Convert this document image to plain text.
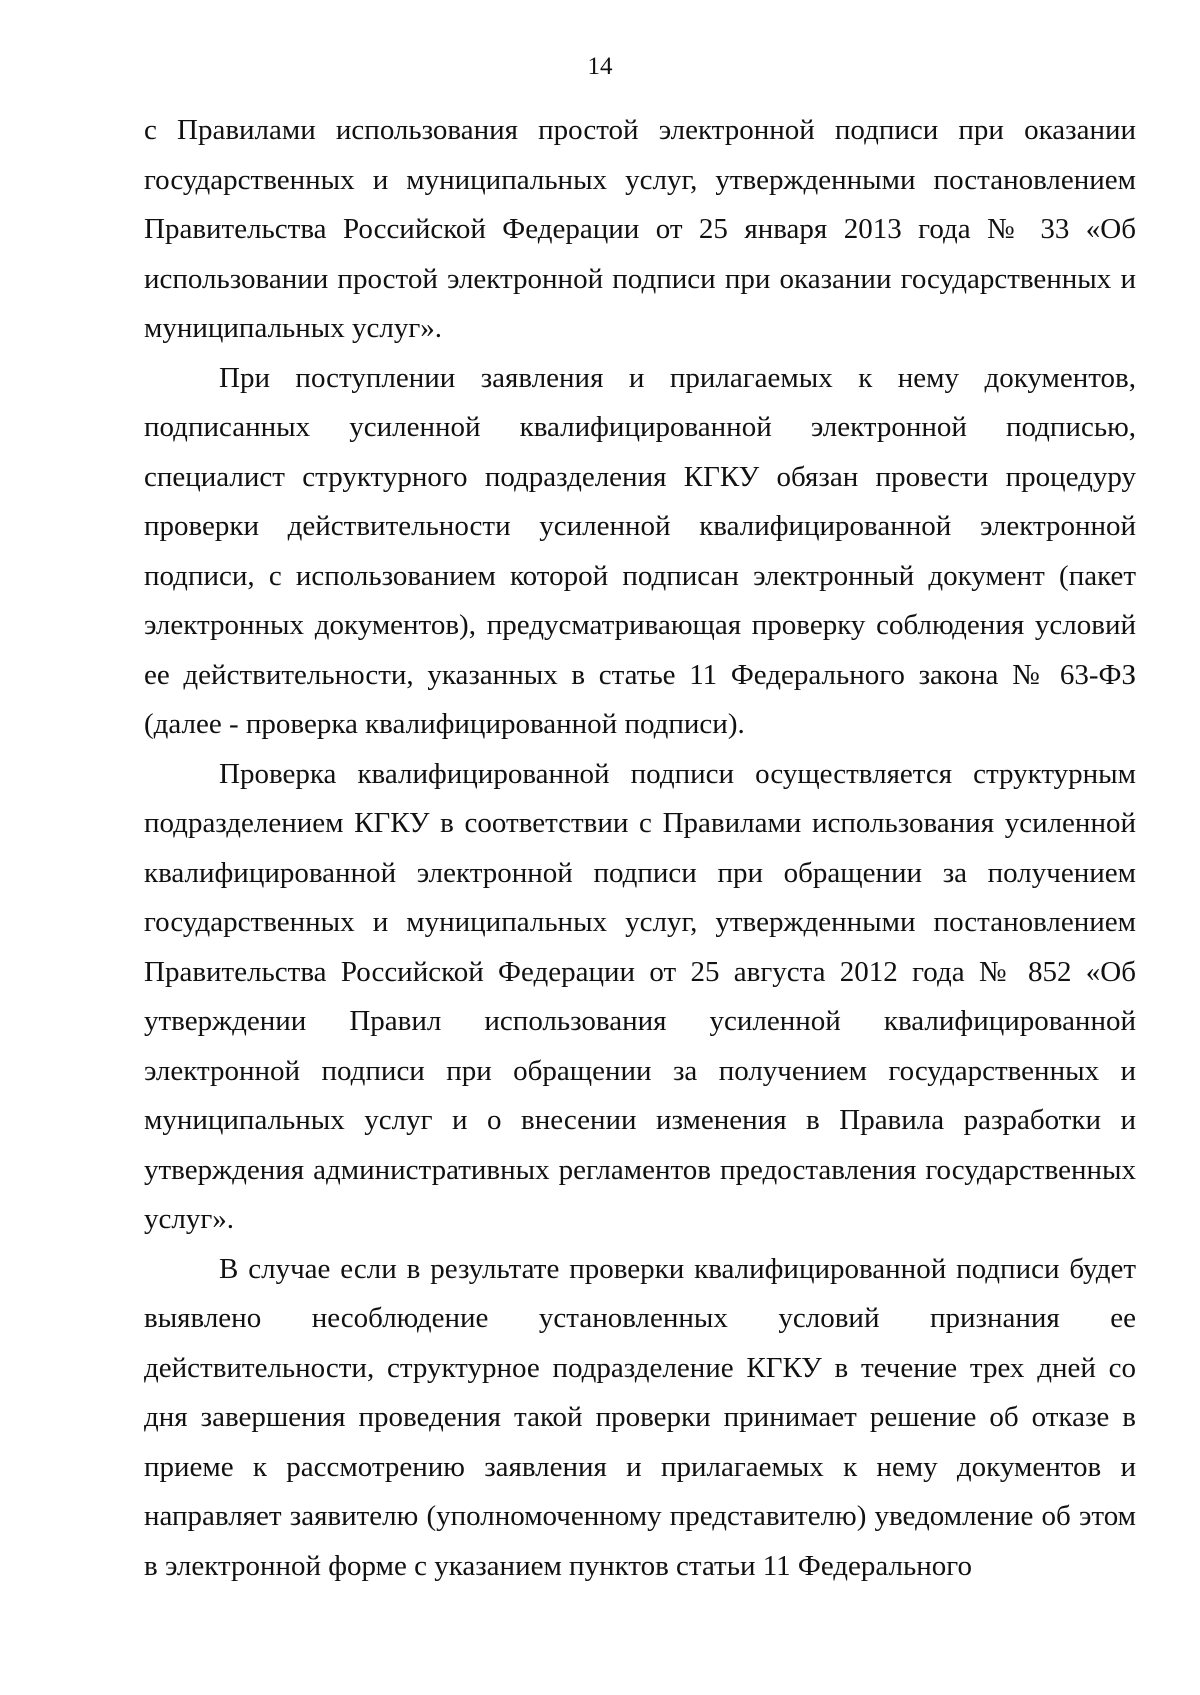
14

с Правилами использования простой электронной подписи при оказании государственных и муниципальных услуг, утвержденными постановлением Правительства Российской Федерации от 25 января 2013 года № 33 «Об использовании простой электронной подписи при оказании государственных и муниципальных услуг».

При поступлении заявления и прилагаемых к нему документов, подписанных усиленной квалифицированной электронной подписью, специалист структурного подразделения КГКУ обязан провести процедуру проверки действительности усиленной квалифицированной электронной подписи, с использованием которой подписан электронный документ (пакет электронных документов), предусматривающая проверку соблюдения условий ее действительности, указанных в статье 11 Федерального закона № 63-ФЗ (далее - проверка квалифицированной подписи).

Проверка квалифицированной подписи осуществляется структурным подразделением КГКУ в соответствии с Правилами использования усиленной квалифицированной электронной подписи при обращении за получением государственных и муниципальных услуг, утвержденными постановлением Правительства Российской Федерации от 25 августа 2012 года № 852 «Об утверждении Правил использования усиленной квалифицированной электронной подписи при обращении за получением государственных и муниципальных услуг и о внесении изменения в Правила разработки и утверждения административных регламентов предоставления государственных услуг».

В случае если в результате проверки квалифицированной подписи будет выявлено несоблюдение установленных условий признания ее действительности, структурное подразделение КГКУ в течение трех дней со дня завершения проведения такой проверки принимает решение об отказе в приеме к рассмотрению заявления и прилагаемых к нему документов и направляет заявителю (уполномоченному представителю) уведомление об этом в электронной форме с указанием пунктов статьи 11 Федерального
